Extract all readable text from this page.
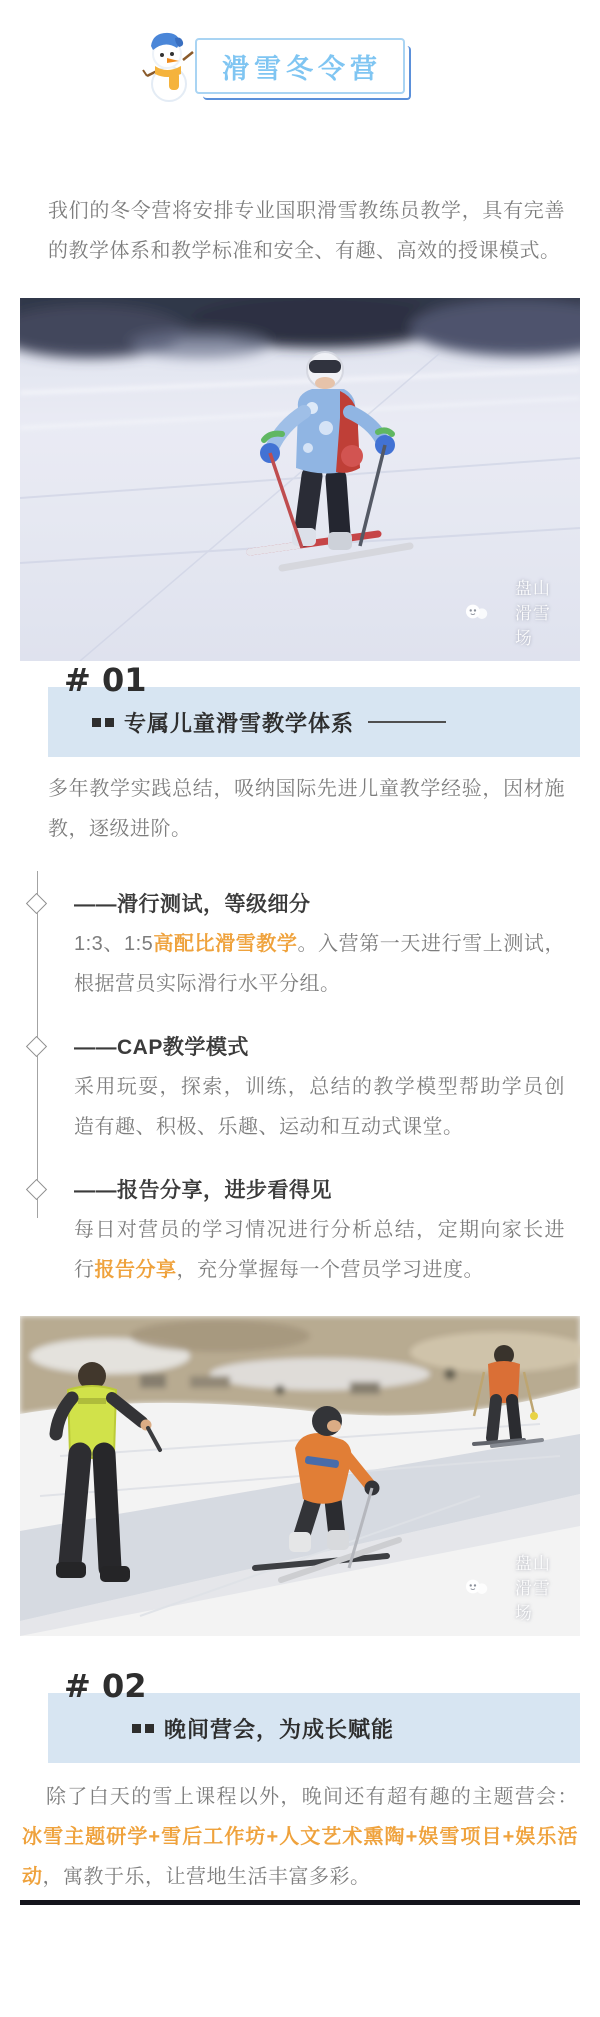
滑雪冬令营

我们的冬令营将安排专业国职滑雪教练员教学，具有完善的教学体系和教学标准和安全、有趣、高效的授课模式。

盘山滑雪场
# 01
专属儿童滑雪教学体系

多年教学实践总结，吸纳国际先进儿童教学经验，因材施教，逐级进阶。

——滑行测试，等级细分
1:3、1:5高配比滑雪教学。入营第一天进行雪上测试，根据营员实际滑行水平分组。
——CAP教学模式
采用玩耍，探索，训练，总结的教学模型帮助学员创造有趣、积极、乐趣、运动和互动式课堂。
——报告分享，进步看得见
每日对营员的学习情况进行分析总结，定期向家长进行报告分享，充分掌握每一个营员学习进度。
盘山滑雪场
# 02
晚间营会，为成长赋能

除了白天的雪上课程以外，晚间还有超有趣的主题营会：冰雪主题研学+雪后工作坊+人文艺术熏陶+娱雪项目+娱乐活动，寓教于乐，让营地生活丰富多彩。
